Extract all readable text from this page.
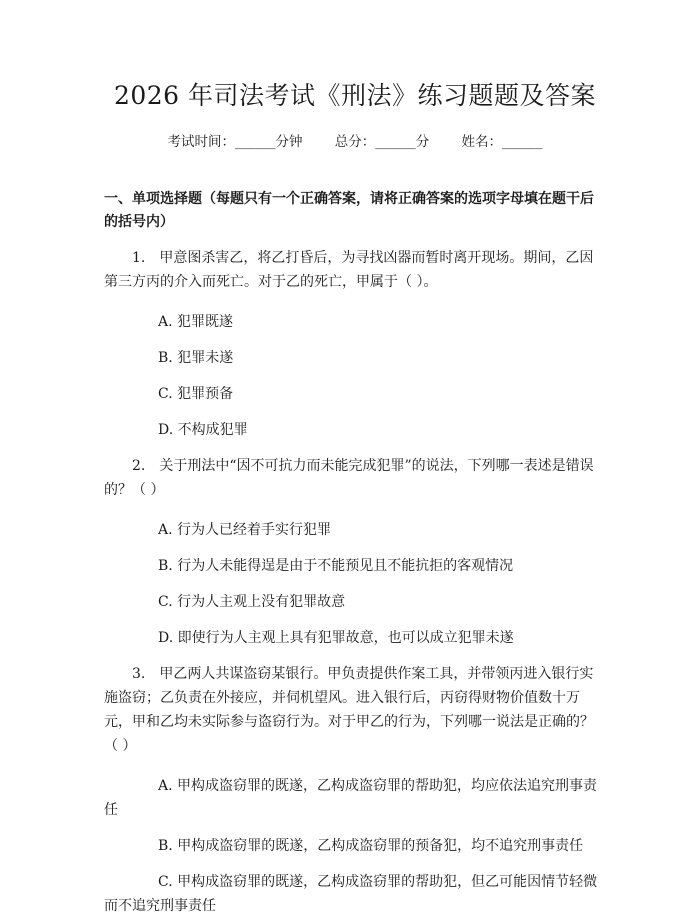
2026 年司法考试《刑法》练习题题及答案
考试时间：______分钟 总分：______分 姓名：______
一、单项选择题（每题只有一个正确答案，请将正确答案的选项字母填在题干后的括号内）
1.　甲意图杀害乙，将乙打昏后，为寻找凶器而暂时离开现场。期间，乙因第三方丙的介入而死亡。对于乙的死亡，甲属于（ ）。
A. 犯罪既遂
B. 犯罪未遂
C. 犯罪预备
D. 不构成犯罪
2.　关于刑法中“因不可抗力而未能完成犯罪”的说法，下列哪一表述是错误的？（ ）
A. 行为人已经着手实行犯罪
B. 行为人未能得逞是由于不能预见且不能抗拒的客观情况
C. 行为人主观上没有犯罪故意
D. 即使行为人主观上具有犯罪故意，也可以成立犯罪未遂
3.　甲乙两人共谋盗窃某银行。甲负责提供作案工具，并带领丙进入银行实施盗窃；乙负责在外接应，并伺机望风。进入银行后，丙窃得财物价值数十万元，甲和乙均未实际参与盗窃行为。对于甲乙的行为，下列哪一说法是正确的？（ ）
A. 甲构成盗窃罪的既遂，乙构成盗窃罪的帮助犯，均应依法追究刑事责任
B. 甲构成盗窃罪的既遂，乙构成盗窃罪的预备犯，均不追究刑事责任
C. 甲构成盗窃罪的既遂，乙构成盗窃罪的帮助犯，但乙可能因情节轻微而不追究刑事责任
